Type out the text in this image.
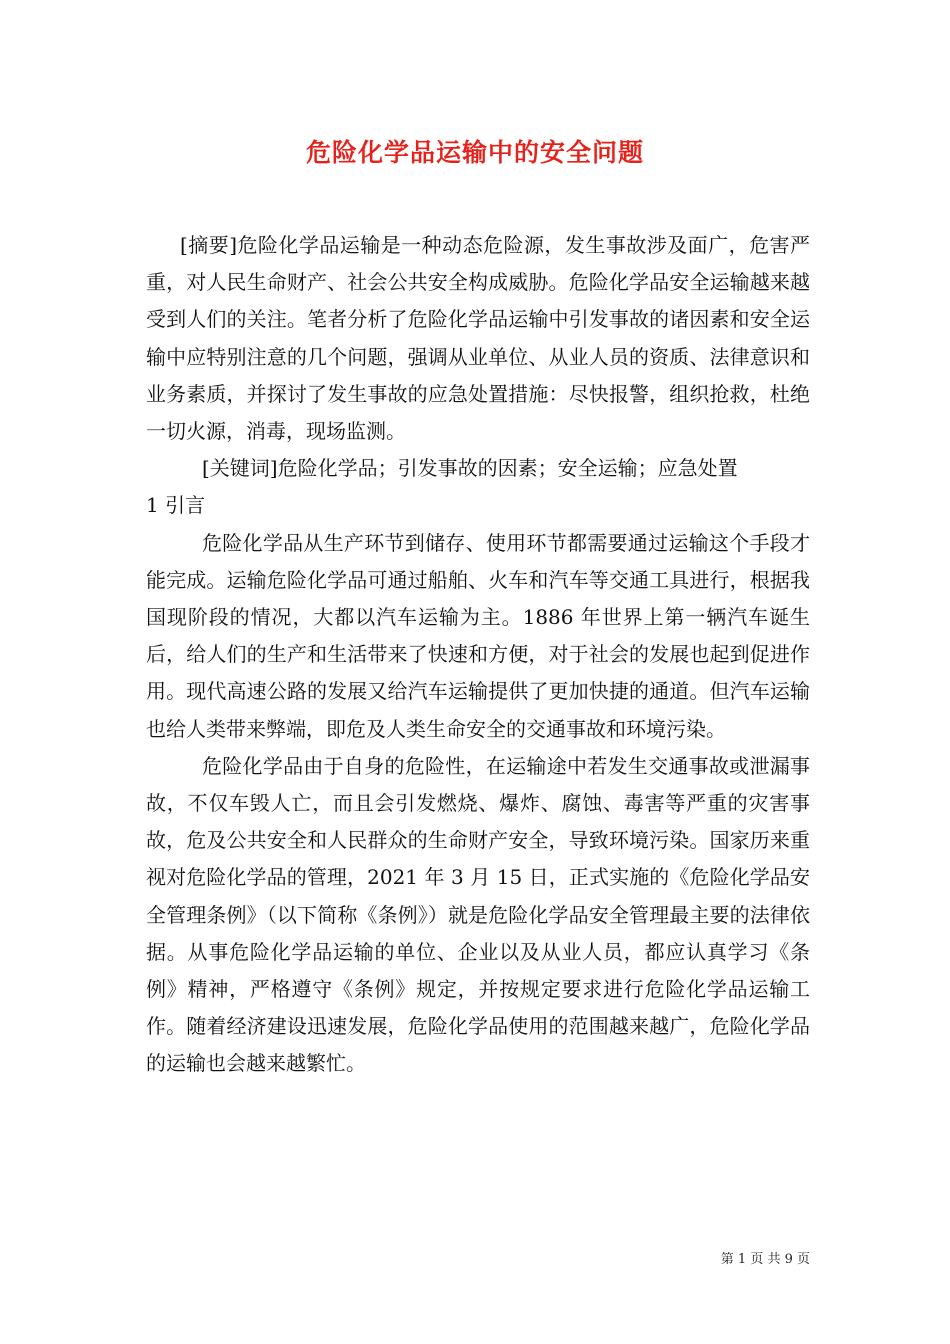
危险化学品运输中的安全问题

[摘要]危险化学品运输是一种动态危险源，发生事故涉及面广，危害严重，对人民生命财产、社会公共安全构成威胁。危险化学品安全运输越来越受到人们的关注。笔者分析了危险化学品运输中引发事故的诸因素和安全运输中应特别注意的几个问题，强调从业单位、从业人员的资质、法律意识和业务素质，并探讨了发生事故的应急处置措施：尽快报警，组织抢救，杜绝一切火源，消毒，现场监测。

[关键词]危险化学品；引发事故的因素；安全运输；应急处置

1 引言

危险化学品从生产环节到储存、使用环节都需要通过运输这个手段才能完成。运输危险化学品可通过船舶、火车和汽车等交通工具进行，根据我国现阶段的情况，大都以汽车运输为主。1886 年世界上第一辆汽车诞生后，给人们的生产和生活带来了快速和方便，对于社会的发展也起到促进作用。现代高速公路的发展又给汽车运输提供了更加快捷的通道。但汽车运输也给人类带来弊端，即危及人类生命安全的交通事故和环境污染。

危险化学品由于自身的危险性，在运输途中若发生交通事故或泄漏事故，不仅车毁人亡，而且会引发燃烧、爆炸、腐蚀、毒害等严重的灾害事故，危及公共安全和人民群众的生命财产安全，导致环境污染。国家历来重视对危险化学品的管理，2021 年 3 月 15 日，正式实施的《危险化学品安全管理条例》（以下简称《条例》）就是危险化学品安全管理最主要的法律依据。从事危险化学品运输的单位、企业以及从业人员，都应认真学习《条例》精神，严格遵守《条例》规定，并按规定要求进行危险化学品运输工作。随着经济建设迅速发展，危险化学品使用的范围越来越广，危险化学品的运输也会越来越繁忙。

第 1 页 共 9 页
